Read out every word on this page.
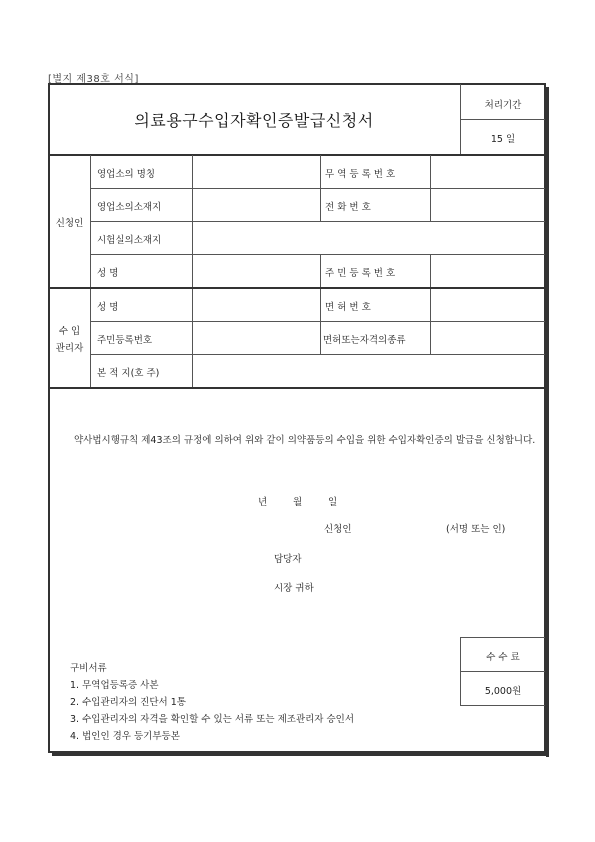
[별지 제38호 서식]
의료용구수입자확인증발급신청서
처리기간
15 일
신청인
영업소의 명칭	무 역 등 록 번 호
영업소의소재지	전 화 번 호
시험실의소재지
성 명	주 민 등 록 번 호
수 입
관리자
성 명	면 허 번 호
주민등록번호	면허또는자격의종류
본 적 지(호 주)
약사법시행규칙 제43조의 규정에 의하여 위와 같이 의약품등의 수입을 위한 수입자확인증의 발급을 신청합니다.
년	월	일
신청인	(서명 또는 인)
담당자
시장 귀하
수 수 료
5,000원
구비서류
1. 무역업등록증 사본
2. 수입관리자의 진단서 1통
3. 수입관리자의 자격을 확인할 수 있는 서류 또는 제조관리자 승인서
4. 법인인 경우 등기부등본
